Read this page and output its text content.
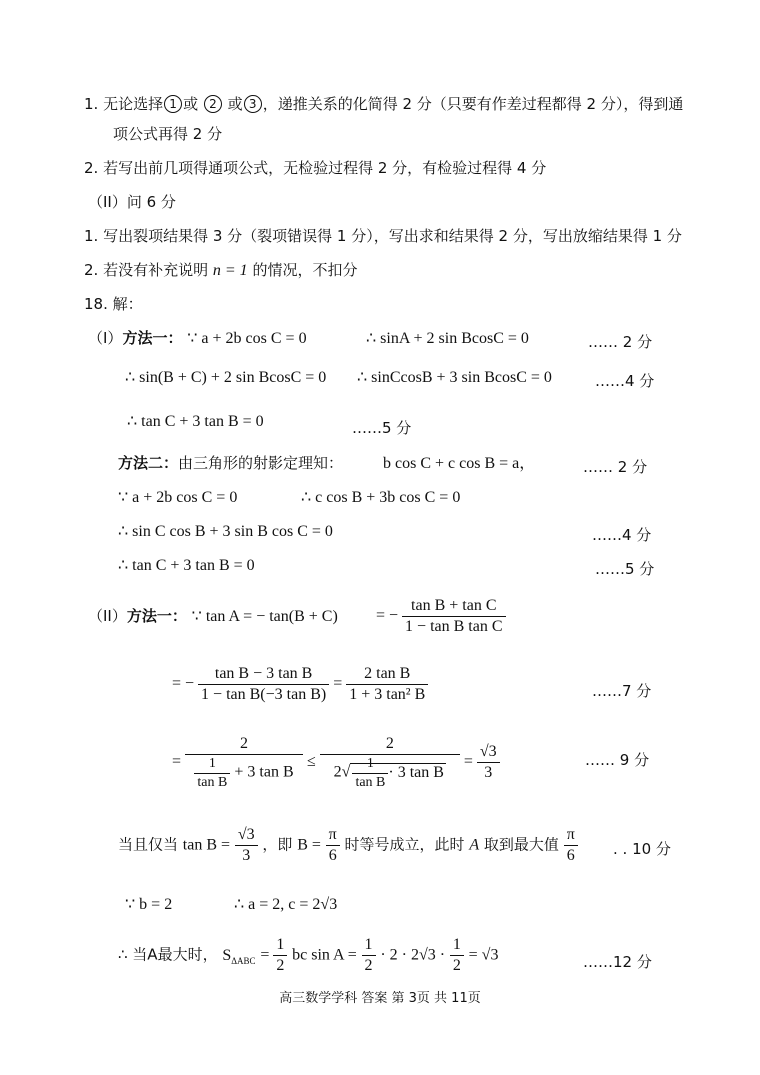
1. 无论选择 1 或 2 或 3 ，递推关系的化简得 2 分（只要有作差过程都得 2 分），得到通
项公式再得 2 分
2. 若写出前几项得通项公式，无检验过程得 2 分，有检验过程得 4 分
（II）问 6 分
1. 写出裂项结果得 3 分（裂项错误得 1 分），写出求和结果得 2 分，写出放缩结果得 1 分
2. 若没有补充说明 n = 1 的情况，不扣分
18. 解：
（I）方法一： ∵ a + 2b cos C = 0	∴ sinA + 2 sin BcosC = 0	…… 2 分
∴ sin(B + C) + 2 sin BcosC = 0 ∴ sinCcosB + 3 sin BcosC = 0	……4 分
∴ tan C + 3 tan B = 0	……5 分
方法二：由三角形的射影定理知： b cos C + c cos B = a，	…… 2 分
∵ a + 2b cos C = 0	∴ c cos B + 3b cos C = 0
∴ sin C cos B + 3 sin B cos C = 0	……4 分
∴ tan C + 3 tan B = 0	……5 分
（II）方法一： ∵ tan A = − tan(B + C) = − $\frac{\text{tan B + tan C}}{\text{1 − tan B tan C}}$
= − $\frac{\text{tan B − 3 tan B}}{\text{1 − tan B(−3 tan B)}} = \frac{\text{2 tan B}}{\text{1 + 3 tan² B}}$	……7 分
= $\frac{2}{\frac{1}{\text{tan B}} + 3 \tan B} \le \frac{2}{2√ \frac{1}{\text{tan B}} \cdot 3 \tan B} = \frac{√3}{3}$	…… 9 分
当且仅当 $\tan B = \frac{√3}{3}$ ，即 $B = \frac{\pi}{6}$ 时等号成立，此时 A 取到最大值 $\frac{\pi}{6}$ . . 10 分
∵ b = 2	∴ a = 2, c = 2√3
∴ 当A最大时， $S_{\Delta ABC} = \frac{1}{2}$ bc $\sin A = \frac{1}{2} \cdot 2 \cdot 2√3 \cdot \frac{1}{2} = √3$	……12 分
高三数学学科 答案 第 3页 共 11页
